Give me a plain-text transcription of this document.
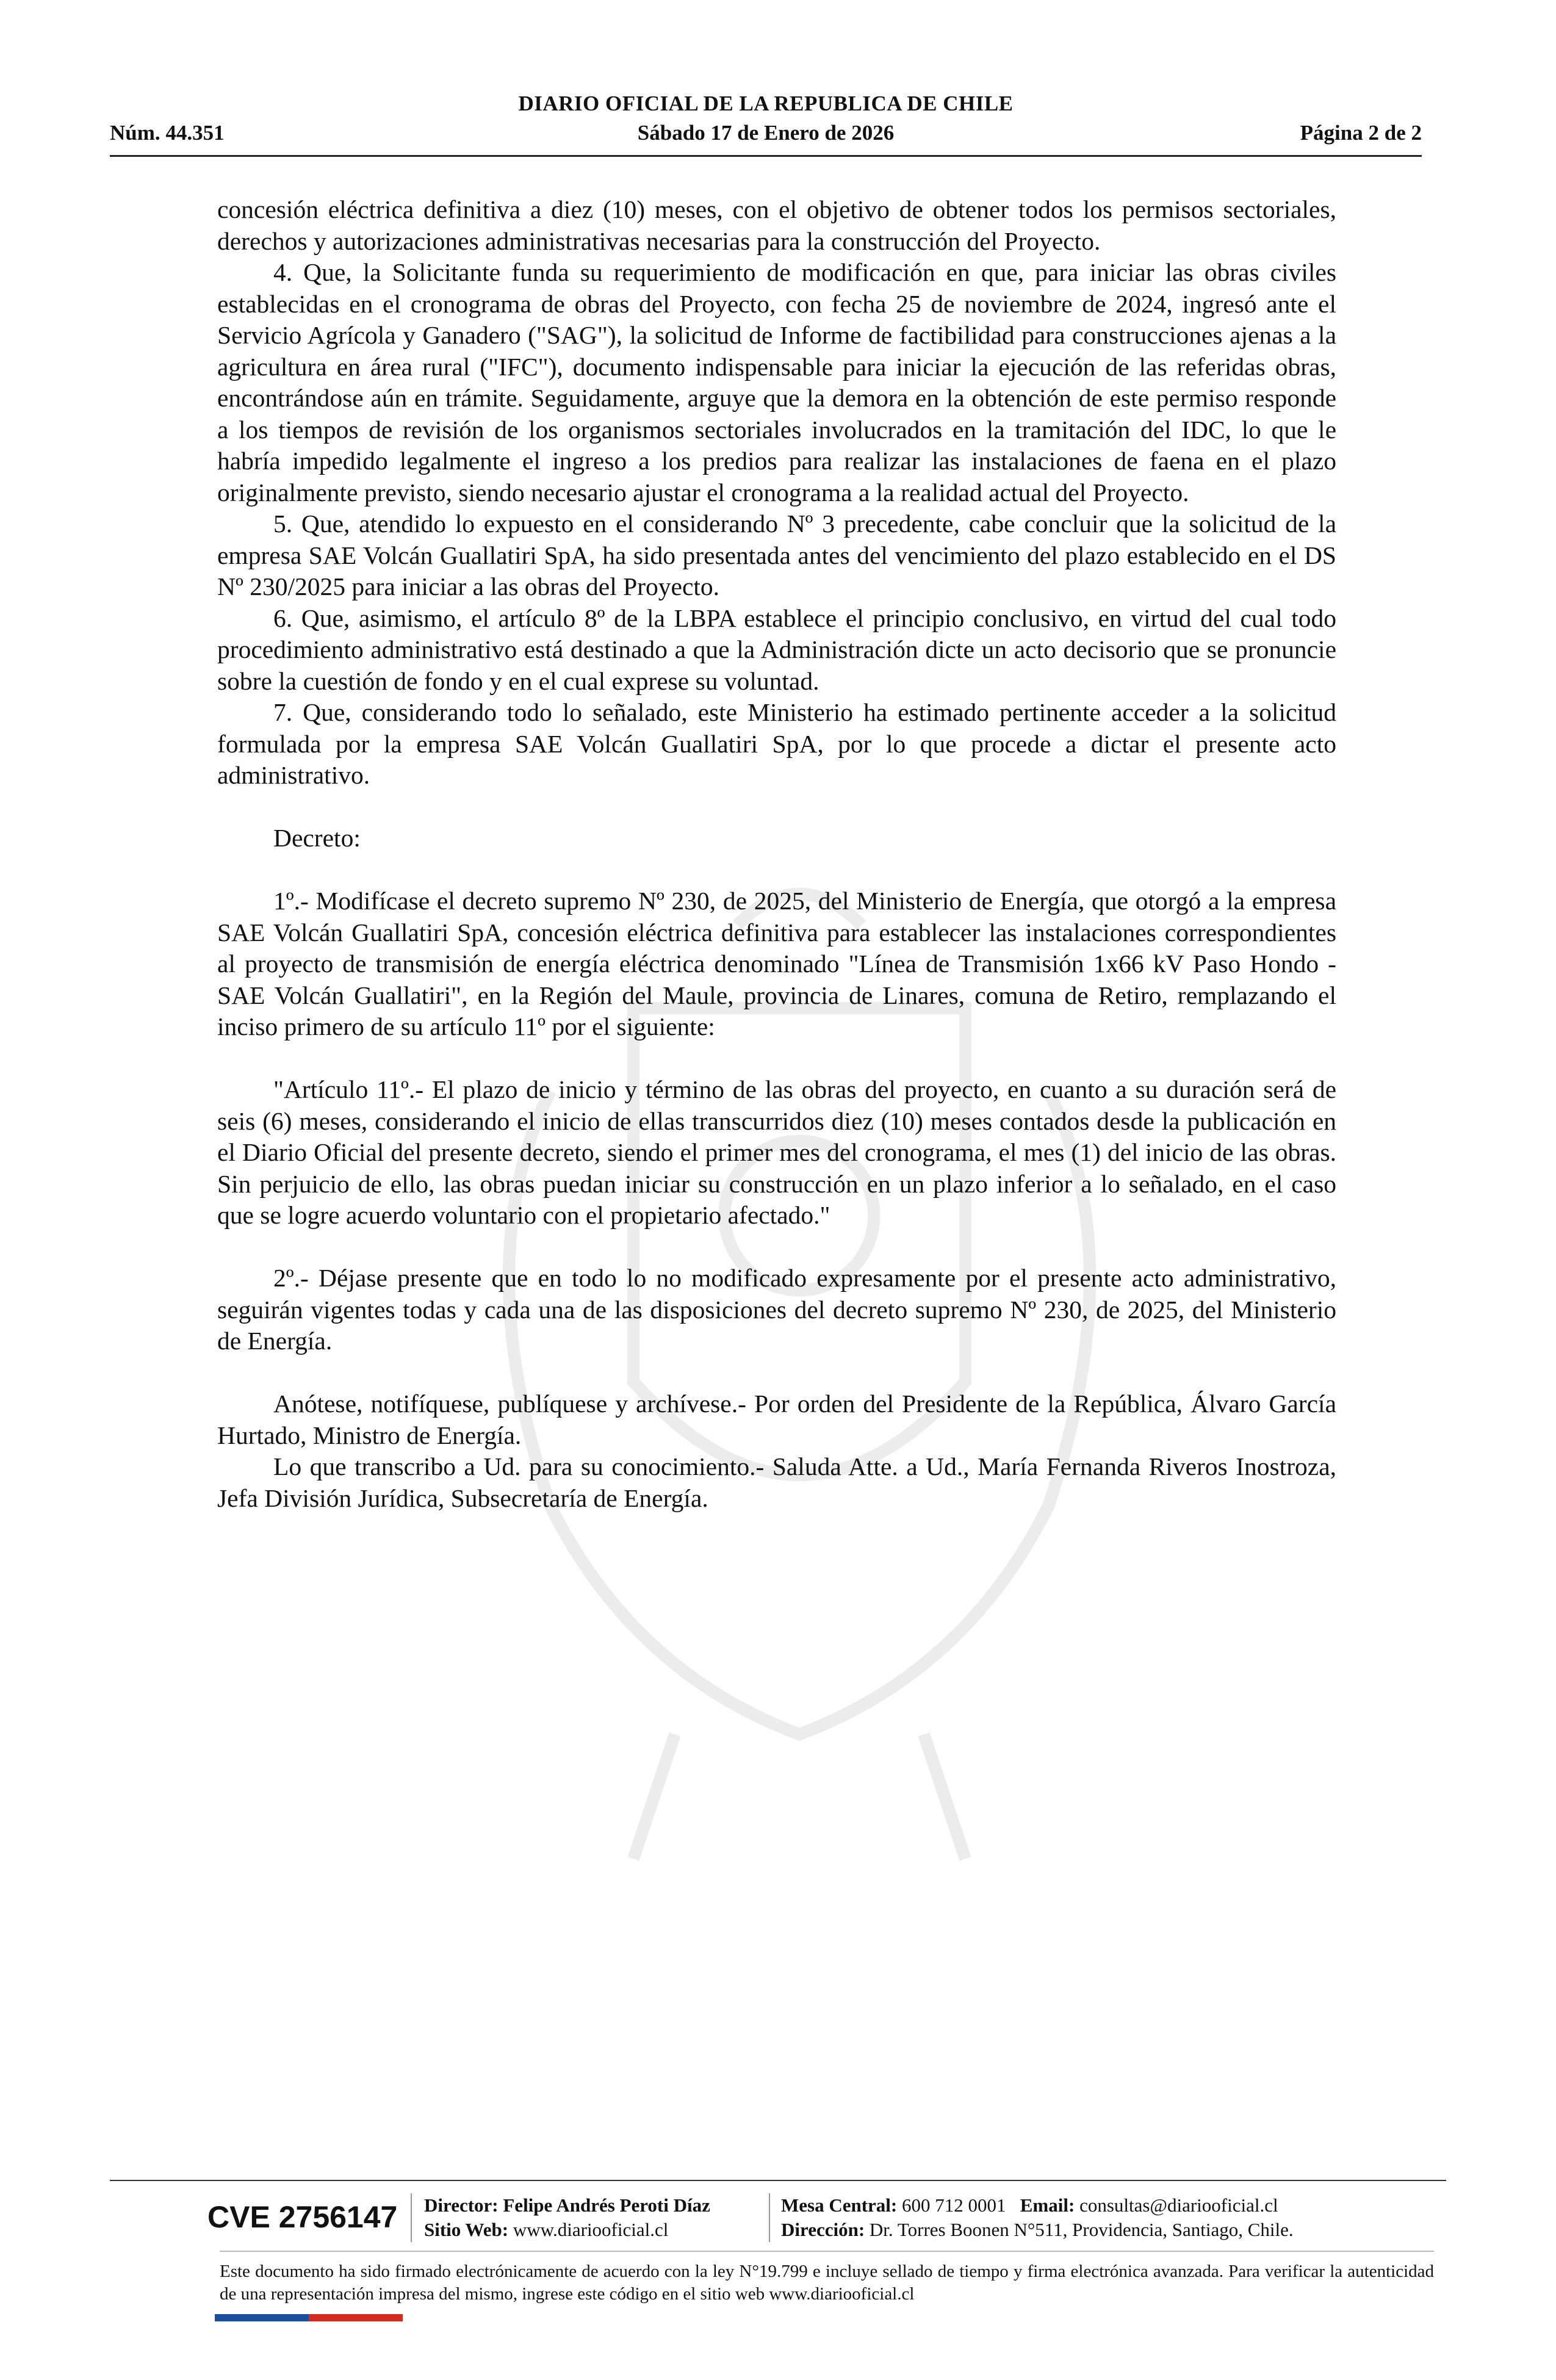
DIARIO OFICIAL DE LA REPUBLICA DE CHILE
Núm. 44.351	Sábado 17 de Enero de 2026	Página 2 de 2

concesión eléctrica definitiva a diez (10) meses, con el objetivo de obtener todos los permisos sectoriales, derechos y autorizaciones administrativas necesarias para la construcción del Proyecto.

4. Que, la Solicitante funda su requerimiento de modificación en que, para iniciar las obras civiles establecidas en el cronograma de obras del Proyecto, con fecha 25 de noviembre de 2024, ingresó ante el Servicio Agrícola y Ganadero ("SAG"), la solicitud de Informe de factibilidad para construcciones ajenas a la agricultura en área rural ("IFC"), documento indispensable para iniciar la ejecución de las referidas obras, encontrándose aún en trámite. Seguidamente, arguye que la demora en la obtención de este permiso responde a los tiempos de revisión de los organismos sectoriales involucrados en la tramitación del IDC, lo que le habría impedido legalmente el ingreso a los predios para realizar las instalaciones de faena en el plazo originalmente previsto, siendo necesario ajustar el cronograma a la realidad actual del Proyecto.

5. Que, atendido lo expuesto en el considerando Nº 3 precedente, cabe concluir que la solicitud de la empresa SAE Volcán Guallatiri SpA, ha sido presentada antes del vencimiento del plazo establecido en el DS Nº 230/2025 para iniciar a las obras del Proyecto.

6. Que, asimismo, el artículo 8º de la LBPA establece el principio conclusivo, en virtud del cual todo procedimiento administrativo está destinado a que la Administración dicte un acto decisorio que se pronuncie sobre la cuestión de fondo y en el cual exprese su voluntad.

7. Que, considerando todo lo señalado, este Ministerio ha estimado pertinente acceder a la solicitud formulada por la empresa SAE Volcán Guallatiri SpA, por lo que procede a dictar el presente acto administrativo.

Decreto:

1º.- Modifícase el decreto supremo Nº 230, de 2025, del Ministerio de Energía, que otorgó a la empresa SAE Volcán Guallatiri SpA, concesión eléctrica definitiva para establecer las instalaciones correspondientes al proyecto de transmisión de energía eléctrica denominado "Línea de Transmisión 1x66 kV Paso Hondo - SAE Volcán Guallatiri", en la Región del Maule, provincia de Linares, comuna de Retiro, remplazando el inciso primero de su artículo 11º por el siguiente:

"Artículo 11º.- El plazo de inicio y término de las obras del proyecto, en cuanto a su duración será de seis (6) meses, considerando el inicio de ellas transcurridos diez (10) meses contados desde la publicación en el Diario Oficial del presente decreto, siendo el primer mes del cronograma, el mes (1) del inicio de las obras. Sin perjuicio de ello, las obras puedan iniciar su construcción en un plazo inferior a lo señalado, en el caso que se logre acuerdo voluntario con el propietario afectado."

2º.- Déjase presente que en todo lo no modificado expresamente por el presente acto administrativo, seguirán vigentes todas y cada una de las disposiciones del decreto supremo Nº 230, de 2025, del Ministerio de Energía.

Anótese, notifíquese, publíquese y archívese.- Por orden del Presidente de la República, Álvaro García Hurtado, Ministro de Energía.

Lo que transcribo a Ud. para su conocimiento.- Saluda Atte. a Ud., María Fernanda Riveros Inostroza, Jefa División Jurídica, Subsecretaría de Energía.

CVE 2756147 Director: Felipe Andrés Peroti Díaz
Sitio Web: www.diariooficial.cl
Mesa Central: 600 712 0001 Email: consultas@diariooficial.cl
Dirección: Dr. Torres Boonen N°511, Providencia, Santiago, Chile.
Este documento ha sido firmado electrónicamente de acuerdo con la ley N°19.799 e incluye sellado de tiempo y firma electrónica avanzada. Para verificar la autenticidad de una representación impresa del mismo, ingrese este código en el sitio web www.diariooficial.cl
